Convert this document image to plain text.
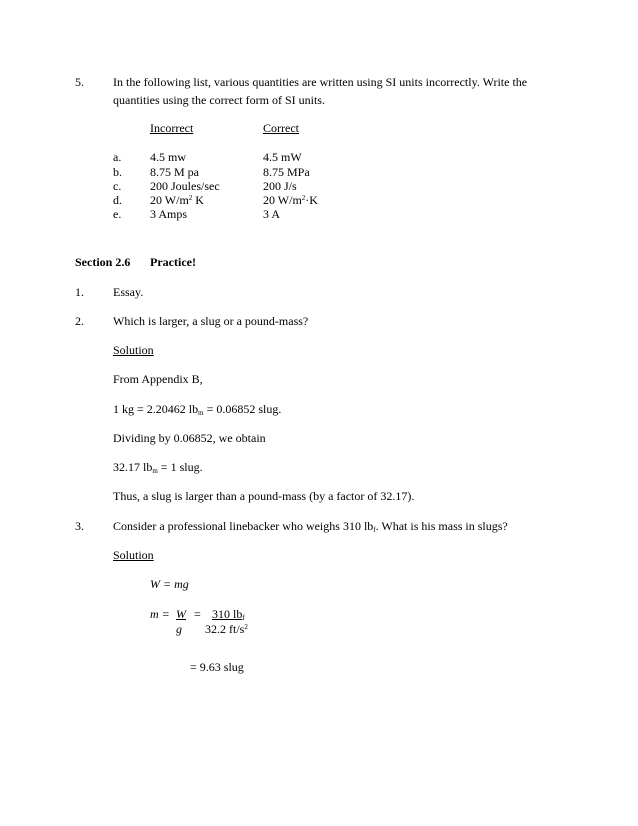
5. In the following list, various quantities are written using SI units incorrectly. Write the
quantities using the correct form of SI units.
Incorrect	Correct
a. 4.5 mw	4.5 mW
b. 8.75 M pa	8.75 MPa
c. 200 Joules/sec	200 J/s
d. 20 $W/m^2$ K	20 $W/m^2\cdot K$
e. 3 Amps	3 A
Section 2.6 Practice!
1. Essay.
2. Which is larger, a slug or a pound-mass?
Solution
From Appendix B,
1 kg = 2.20462 $lb_m = 0.06852$ slug.
Dividing by 0.06852, we obtain
32.17 $lb_m = 1$ slug.
Thus, a slug is larger than a pound-mass (by a factor of 32.17).
3. Consider a professional linebacker who weighs 310 $lb_f$. What is his mass in slugs?
Solution
W = mg
m = W
g
= 310 $lb_f$
32.2 $ft/s^2$
= 9.63 slug
